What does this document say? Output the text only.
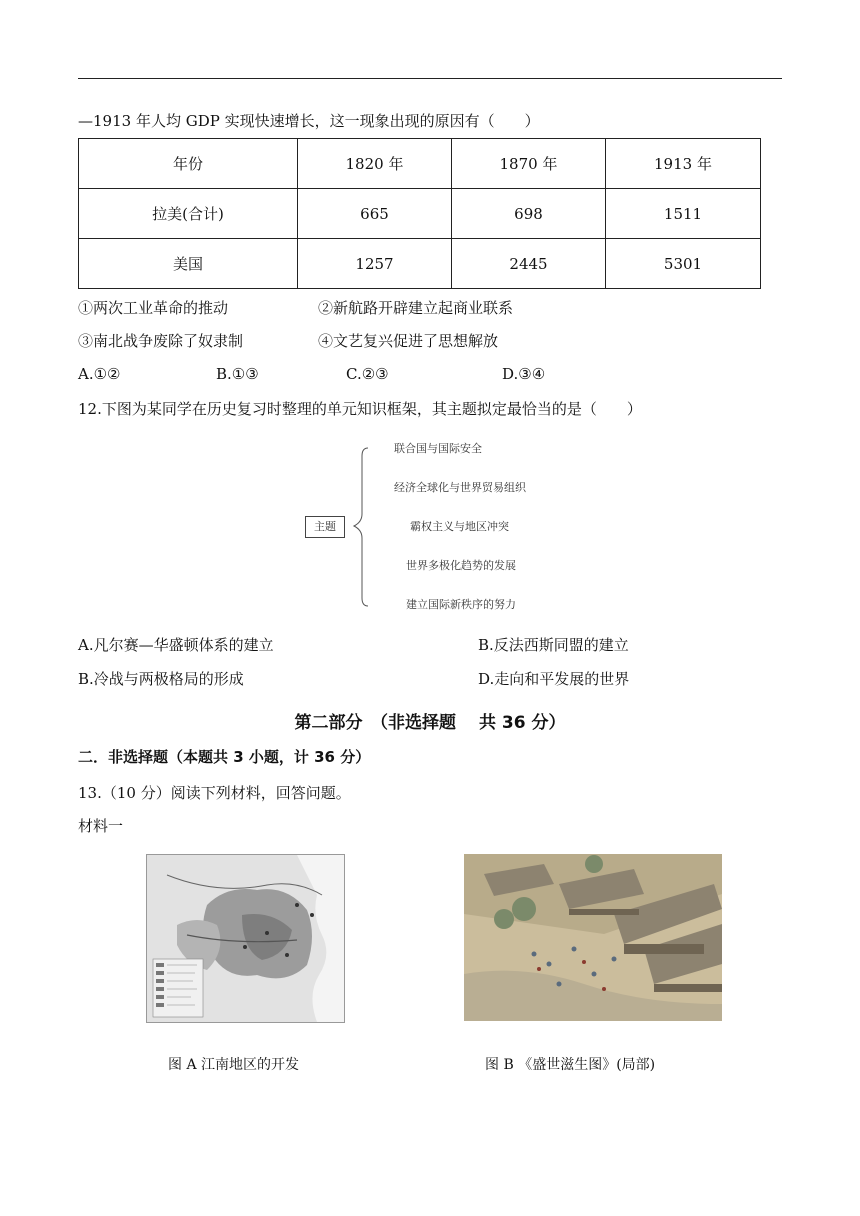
—1913 年人均 GDP 实现快速增长，这一现象出现的原因有（　　）
年份	1820 年	1870 年	1913 年
拉美(合计)	665	698	1511
美国	1257	2445	5301
①两次工业革命的推动	②新航路开辟建立起商业联系
③南北战争废除了奴隶制	④文艺复兴促进了思想解放
A.①②	B.①③	C.②③	D.③④
12.下图为某同学在历史复习时整理的单元知识框架，其主题拟定最恰当的是（　　）
主题
联合国与国际安全
经济全球化与世界贸易组织
霸权主义与地区冲突
世界多极化趋势的发展
建立国际新秩序的努力
A.凡尔赛—华盛顿体系的建立	B.反法西斯同盟的建立
B.冷战与两极格局的形成	D.走向和平发展的世界
第二部分　（非选择题　 共 36 分）
二．非选择题（本题共 3 小题，计 36 分）
13.（10 分）阅读下列材料，回答问题。
材料一
图 A 江南地区的开发	图 B 《盛世滋生图》(局部)
